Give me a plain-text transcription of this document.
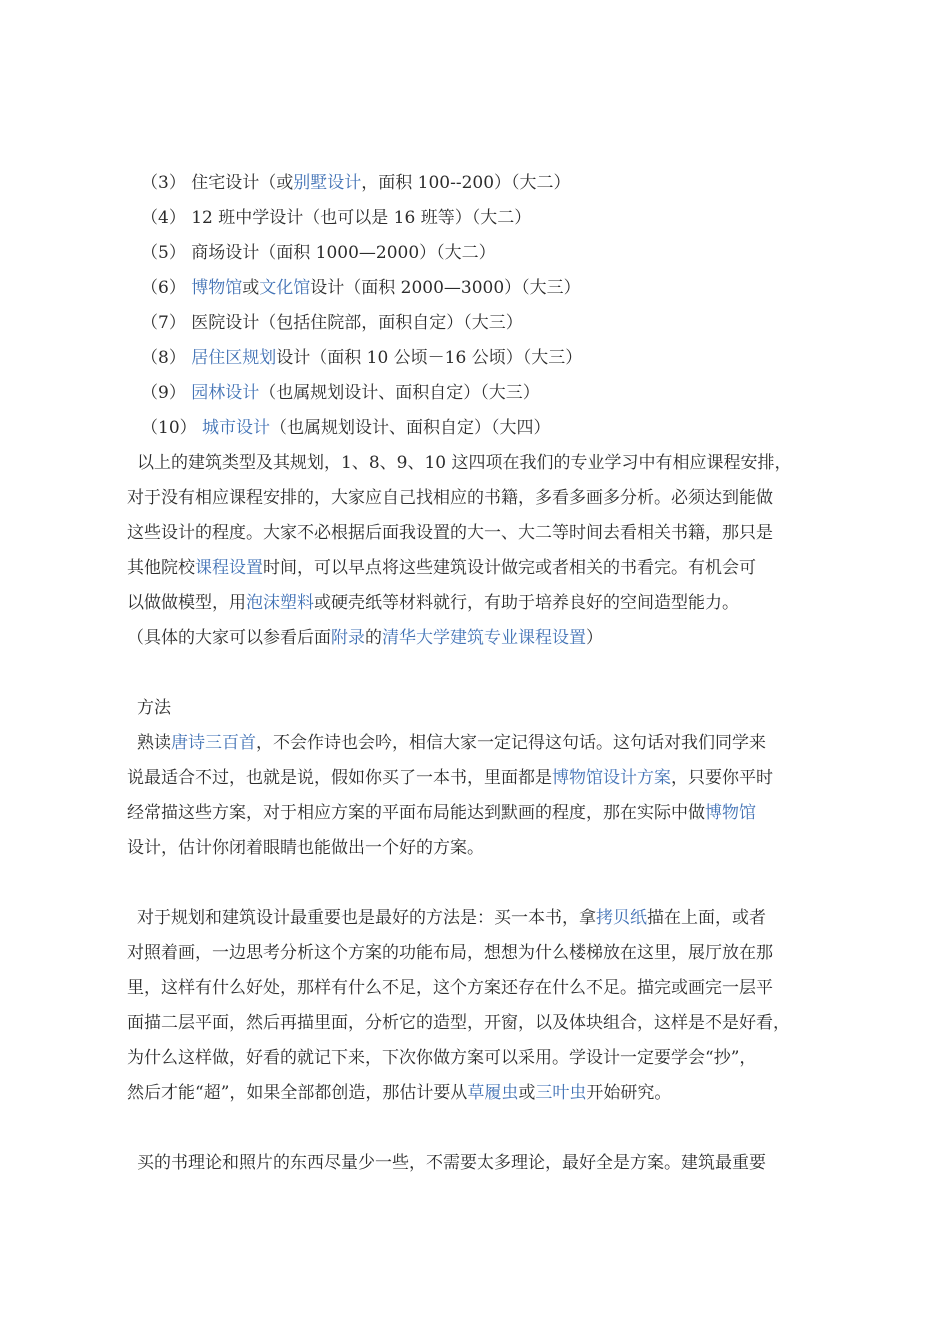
（3） 住宅设计（或别墅设计，面积 100--200）（大二）
（4） 12 班中学设计（也可以是 16 班等）（大二）
（5） 商场设计（面积 1000—2000）（大二）
（6） 博物馆或文化馆设计（面积 2000—3000）（大三）
（7） 医院设计（包括住院部，面积自定）（大三）
（8） 居住区规划设计（面积 10 公顷－16 公顷）（大三）
（9） 园林设计（也属规划设计、面积自定）（大三）
（10） 城市设计（也属规划设计、面积自定）（大四）
以上的建筑类型及其规划，1、8、9、10 这四项在我们的专业学习中有相应课程安排，
对于没有相应课程安排的，大家应自己找相应的书籍，多看多画多分析。必须达到能做
这些设计的程度。大家不必根据后面我设置的大一、大二等时间去看相关书籍，那只是
其他院校课程设置时间，可以早点将这些建筑设计做完或者相关的书看完。有机会可
以做做模型，用泡沫塑料或硬壳纸等材料就行，有助于培养良好的空间造型能力。
（具体的大家可以参看后面附录的清华大学建筑专业课程设置）
方法
熟读唐诗三百首，不会作诗也会吟，相信大家一定记得这句话。这句话对我们同学来
说最适合不过，也就是说，假如你买了一本书，里面都是博物馆设计方案，只要你平时
经常描这些方案，对于相应方案的平面布局能达到默画的程度，那在实际中做博物馆
设计，估计你闭着眼睛也能做出一个好的方案。
对于规划和建筑设计最重要也是最好的方法是：买一本书，拿拷贝纸描在上面，或者
对照着画，一边思考分析这个方案的功能布局，想想为什么楼梯放在这里，展厅放在那
里，这样有什么好处，那样有什么不足，这个方案还存在什么不足。描完或画完一层平
面描二层平面，然后再描里面，分析它的造型，开窗，以及体块组合，这样是不是好看，
为什么这样做，好看的就记下来，下次你做方案可以采用。学设计一定要学会“抄”，
然后才能“超”，如果全部都创造，那估计要从草履虫或三叶虫开始研究。
买的书理论和照片的东西尽量少一些，不需要太多理论，最好全是方案。建筑最重要
